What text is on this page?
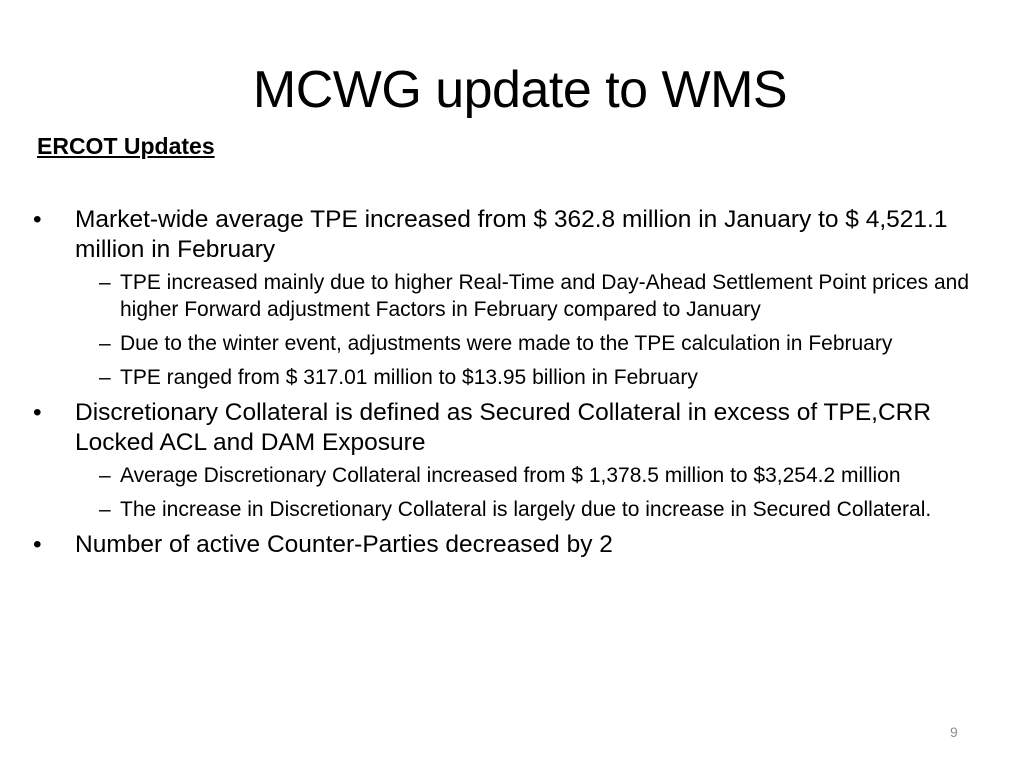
MCWG update to WMS
ERCOT Updates
• Market-wide average TPE increased from $ 362.8 million in January to $ 4,521.1 million in February
– TPE increased mainly due to higher Real-Time and Day-Ahead Settlement Point prices and higher Forward adjustment Factors in February compared to January
– Due to the winter event, adjustments were made to the TPE calculation in February
– TPE ranged from $ 317.01 million to $13.95 billion in February
• Discretionary Collateral is defined as Secured Collateral in excess of TPE,CRR Locked ACL and DAM Exposure
– Average Discretionary Collateral increased from $ 1,378.5 million to $3,254.2 million
– The increase in Discretionary Collateral is largely due to increase in Secured Collateral.
• Number of active Counter-Parties decreased by 2
9
